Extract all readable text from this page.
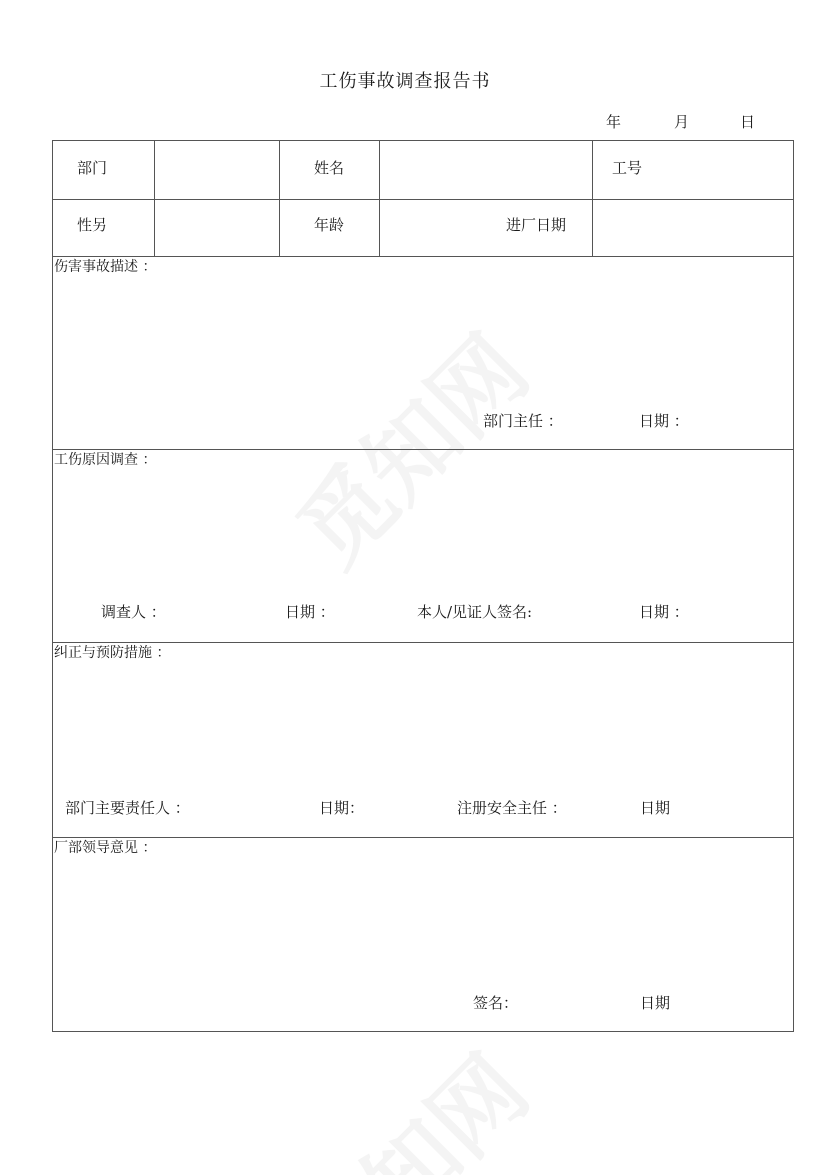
工伤事故调查报告书
年	月	日
部门	姓名	工号
性另	年龄	进厂日期
伤害事故描述 ：
部门主任 ：	日期 ：
工伤原因调查 ：
调查人 ：	日期 ：	本人/见证人签名:	日期 ：
纠正与预防措施 ：
部门主要责任人 ：	日期：	注册安全主任 ：	日期
厂部领导意见 ：
签名：	日期
